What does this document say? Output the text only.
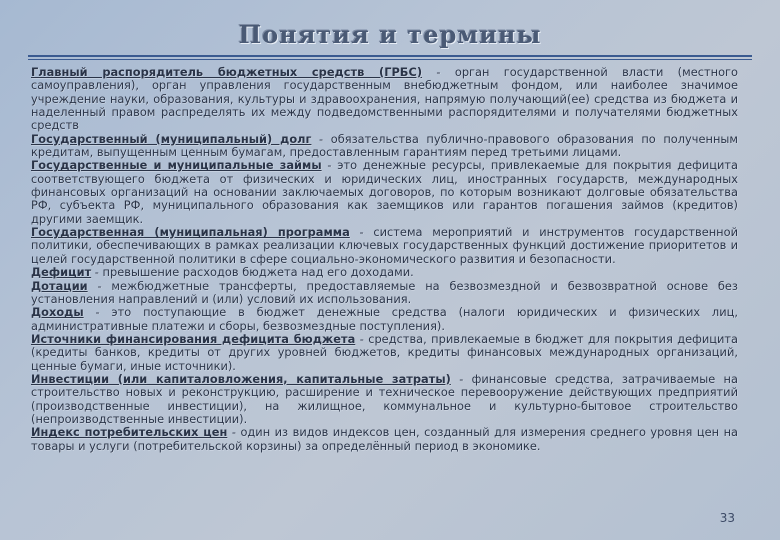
Понятия и термины

Главный распорядитель бюджетных средств (ГРБС) - орган государственной власти (местного самоуправления), орган управления государственным внебюджетным фондом, или наиболее значимое учреждение науки, образования, культуры и здравоохранения, напрямую получающий(ее) средства из бюджета и наделенный правом распределять их между подведомственными распорядителями и получателями бюджетных средств

Государственный (муниципальный) долг - обязательства публично-правового образования по полученным кредитам, выпущенным ценным бумагам, предоставленным гарантиям перед третьими лицами.

Государственные и муниципальные займы - это денежные ресурсы, привлекаемые для покрытия дефицита соответствующего бюджета от физических и юридических лиц, иностранных государств, международных финансовых организаций на основании заключаемых договоров, по которым возникают долговые обязательства РФ, субъекта РФ, муниципального образования как заемщиков или гарантов погашения займов (кредитов) другими заемщик.

Государственная (муниципальная) программа - система мероприятий и инструментов государственной политики, обеспечивающих в рамках реализации ключевых государственных функций достижение приоритетов и целей государственной политики в сфере социально-экономического развития и безопасности.

Дефицит - превышение расходов бюджета над его доходами.

Дотации - межбюджетные трансферты, предоставляемые на безвозмездной и безвозвратной основе без установления направлений и (или) условий их использования.

Доходы - это поступающие в бюджет денежные средства (налоги юридических и физических лиц, административные платежи и сборы, безвозмездные поступления).

Источники финансирования дефицита бюджета - средства, привлекаемые в бюджет для покрытия дефицита (кредиты банков, кредиты от других уровней бюджетов, кредиты финансовых международных организаций, ценные бумаги, иные источники).

Инвестиции (или капиталовложения, капитальные затраты) - финансовые средства, затрачиваемые на строительство новых и реконструкцию, расширение и техническое перевооружение действующих предприятий (производственные инвестиции), на жилищное, коммунальное и культурно-бытовое строительство (непроизводственные инвестиции).

Индекс потребительских цен - один из видов индексов цен, созданный для измерения среднего уровня цен на товары и услуги (потребительской корзины) за определённый период в экономике.

33
